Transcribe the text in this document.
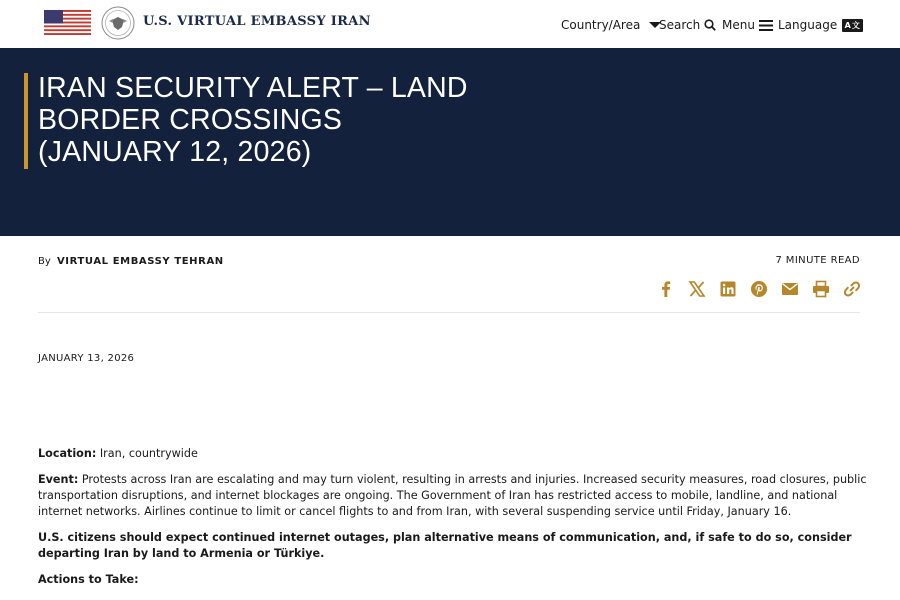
U.S. VIRTUAL EMBASSY IRAN	Country/Area Search Menu Language A文
IRAN SECURITY ALERT – LAND
BORDER CROSSINGS
(JANUARY 12, 2026)
By VIRTUAL EMBASSY TEHRAN	7 MINUTE READ
JANUARY 13, 2026

Location: Iran, countrywide

Event: Protests across Iran are escalating and may turn violent, resulting in arrests and injuries. Increased security measures, road closures, public transportation disruptions, and internet blockages are ongoing. The Government of Iran has restricted access to mobile, landline, and national internet networks. Airlines continue to limit or cancel flights to and from Iran, with several suspending service until Friday, January 16.

U.S. citizens should expect continued internet outages, plan alternative means of communication, and, if safe to do so, consider departing Iran by land to Armenia or Türkiye.

Actions to Take:
